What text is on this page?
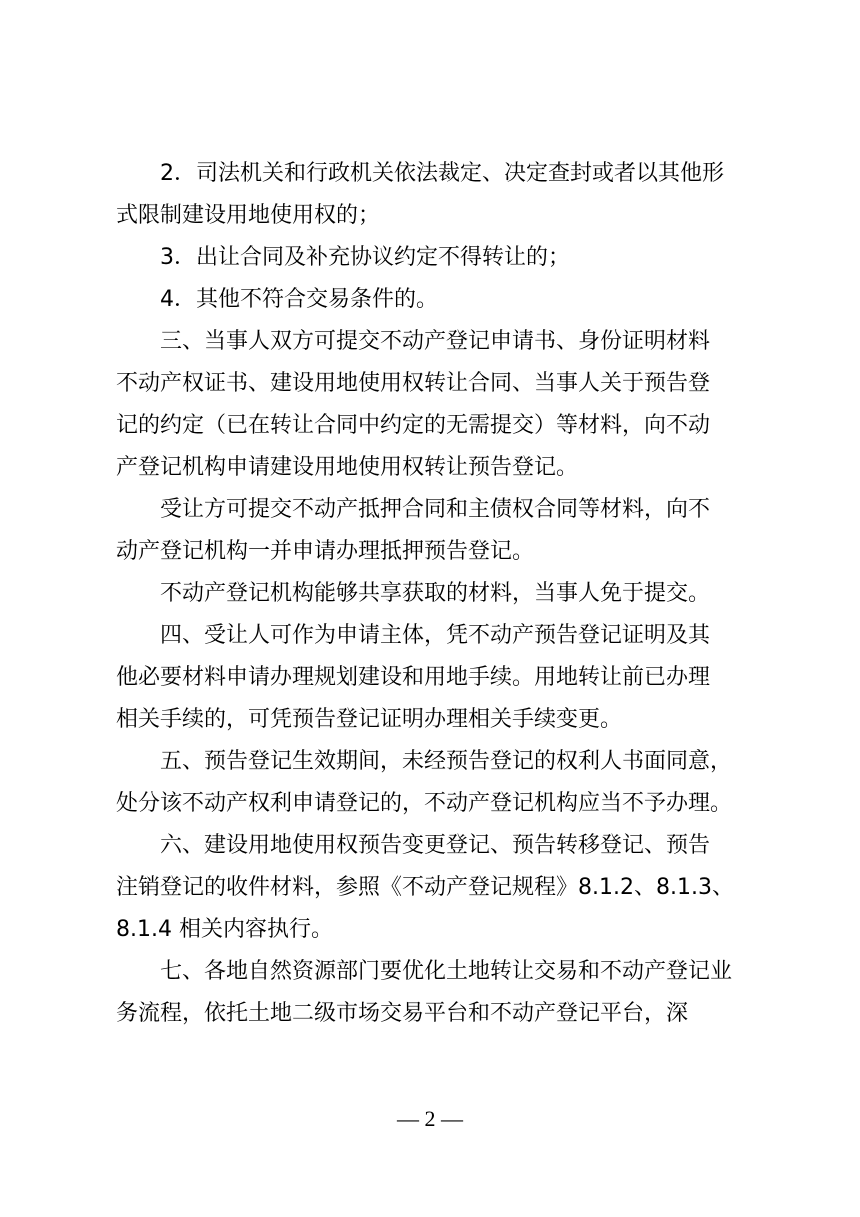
2．司法机关和行政机关依法裁定、决定查封或者以其他形
式限制建设用地使用权的；
3．出让合同及补充协议约定不得转让的；
4．其他不符合交易条件的。
三、当事人双方可提交不动产登记申请书、身份证明材料
不动产权证书、建设用地使用权转让合同、当事人关于预告登
记的约定（已在转让合同中约定的无需提交）等材料，向不动
产登记机构申请建设用地使用权转让预告登记。
受让方可提交不动产抵押合同和主债权合同等材料，向不
动产登记机构一并申请办理抵押预告登记。
不动产登记机构能够共享获取的材料，当事人免于提交。
四、受让人可作为申请主体，凭不动产预告登记证明及其
他必要材料申请办理规划建设和用地手续。用地转让前已办理
相关手续的，可凭预告登记证明办理相关手续变更。
五、预告登记生效期间，未经预告登记的权利人书面同意，
处分该不动产权利申请登记的，不动产登记机构应当不予办理。
六、建设用地使用权预告变更登记、预告转移登记、预告
注销登记的收件材料，参照《不动产登记规程》8.1.2、8.1.3、
8.1.4 相关内容执行。
七、各地自然资源部门要优化土地转让交易和不动产登记业
务流程，依托土地二级市场交易平台和不动产登记平台，深
— 2 —
